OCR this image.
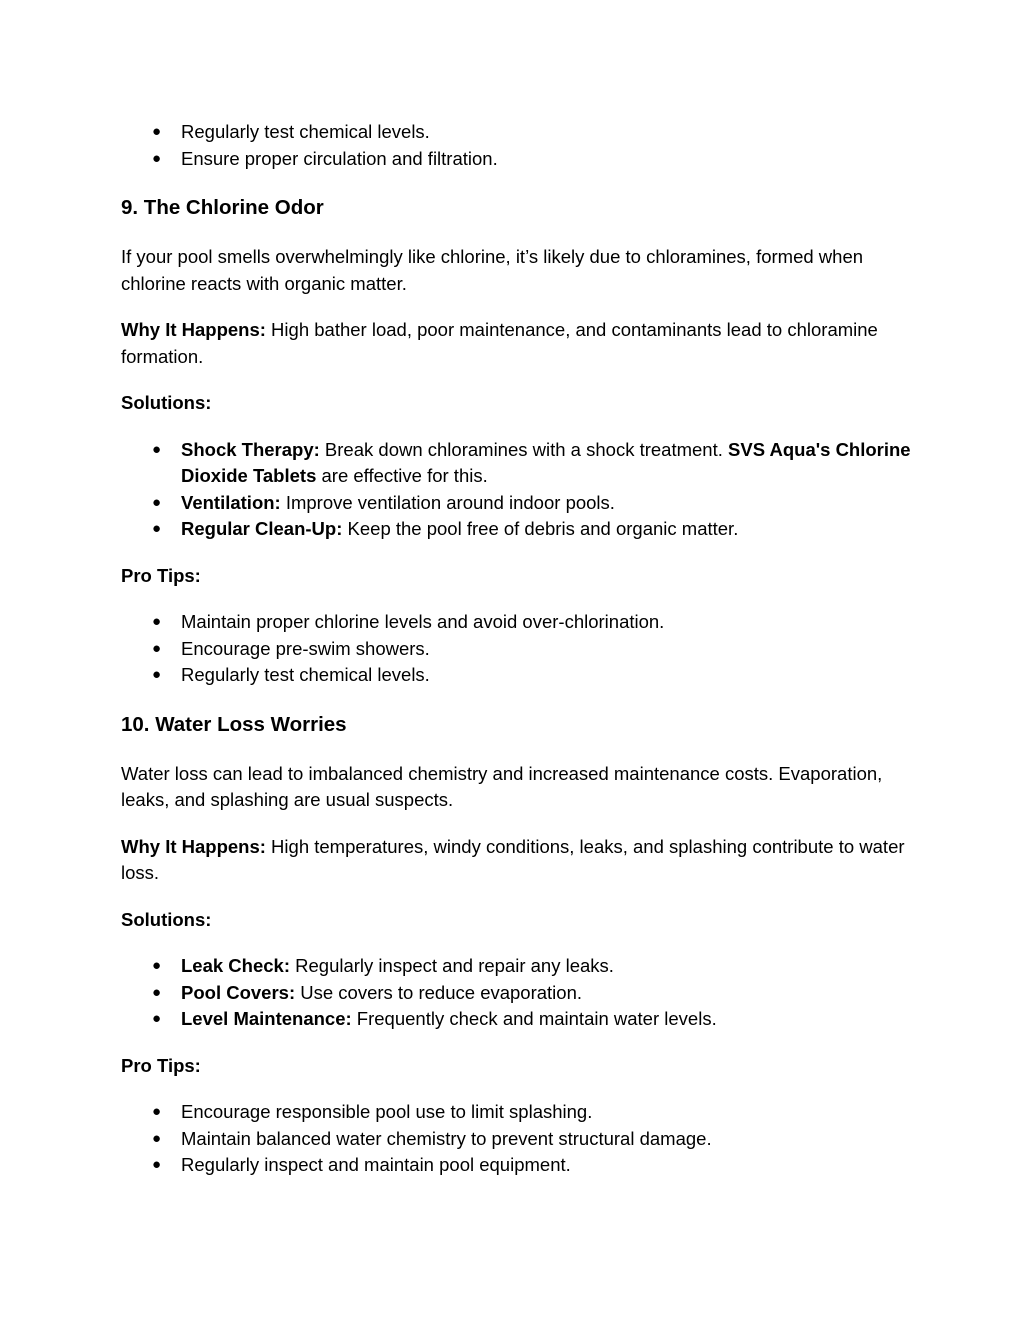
● Regularly test chemical levels.
● Ensure proper circulation and filtration.
9. The Chlorine Odor

If your pool smells overwhelmingly like chlorine, it’s likely due to chloramines, formed when chlorine reacts with organic matter.

Why It Happens: High bather load, poor maintenance, and contaminants lead to chloramine formation.

Solutions:

● Shock Therapy: Break down chloramines with a shock treatment. SVS Aqua's Chlorine Dioxide Tablets are effective for this.
● Ventilation: Improve ventilation around indoor pools.
● Regular Clean-Up: Keep the pool free of debris and organic matter.

Pro Tips:

● Maintain proper chlorine levels and avoid over-chlorination.
● Encourage pre-swim showers.
● Regularly test chemical levels.
10. Water Loss Worries

Water loss can lead to imbalanced chemistry and increased maintenance costs. Evaporation, leaks, and splashing are usual suspects.

Why It Happens: High temperatures, windy conditions, leaks, and splashing contribute to water loss.

Solutions:

● Leak Check: Regularly inspect and repair any leaks.
● Pool Covers: Use covers to reduce evaporation.
● Level Maintenance: Frequently check and maintain water levels.

Pro Tips:

● Encourage responsible pool use to limit splashing.
● Maintain balanced water chemistry to prevent structural damage.
● Regularly inspect and maintain pool equipment.
